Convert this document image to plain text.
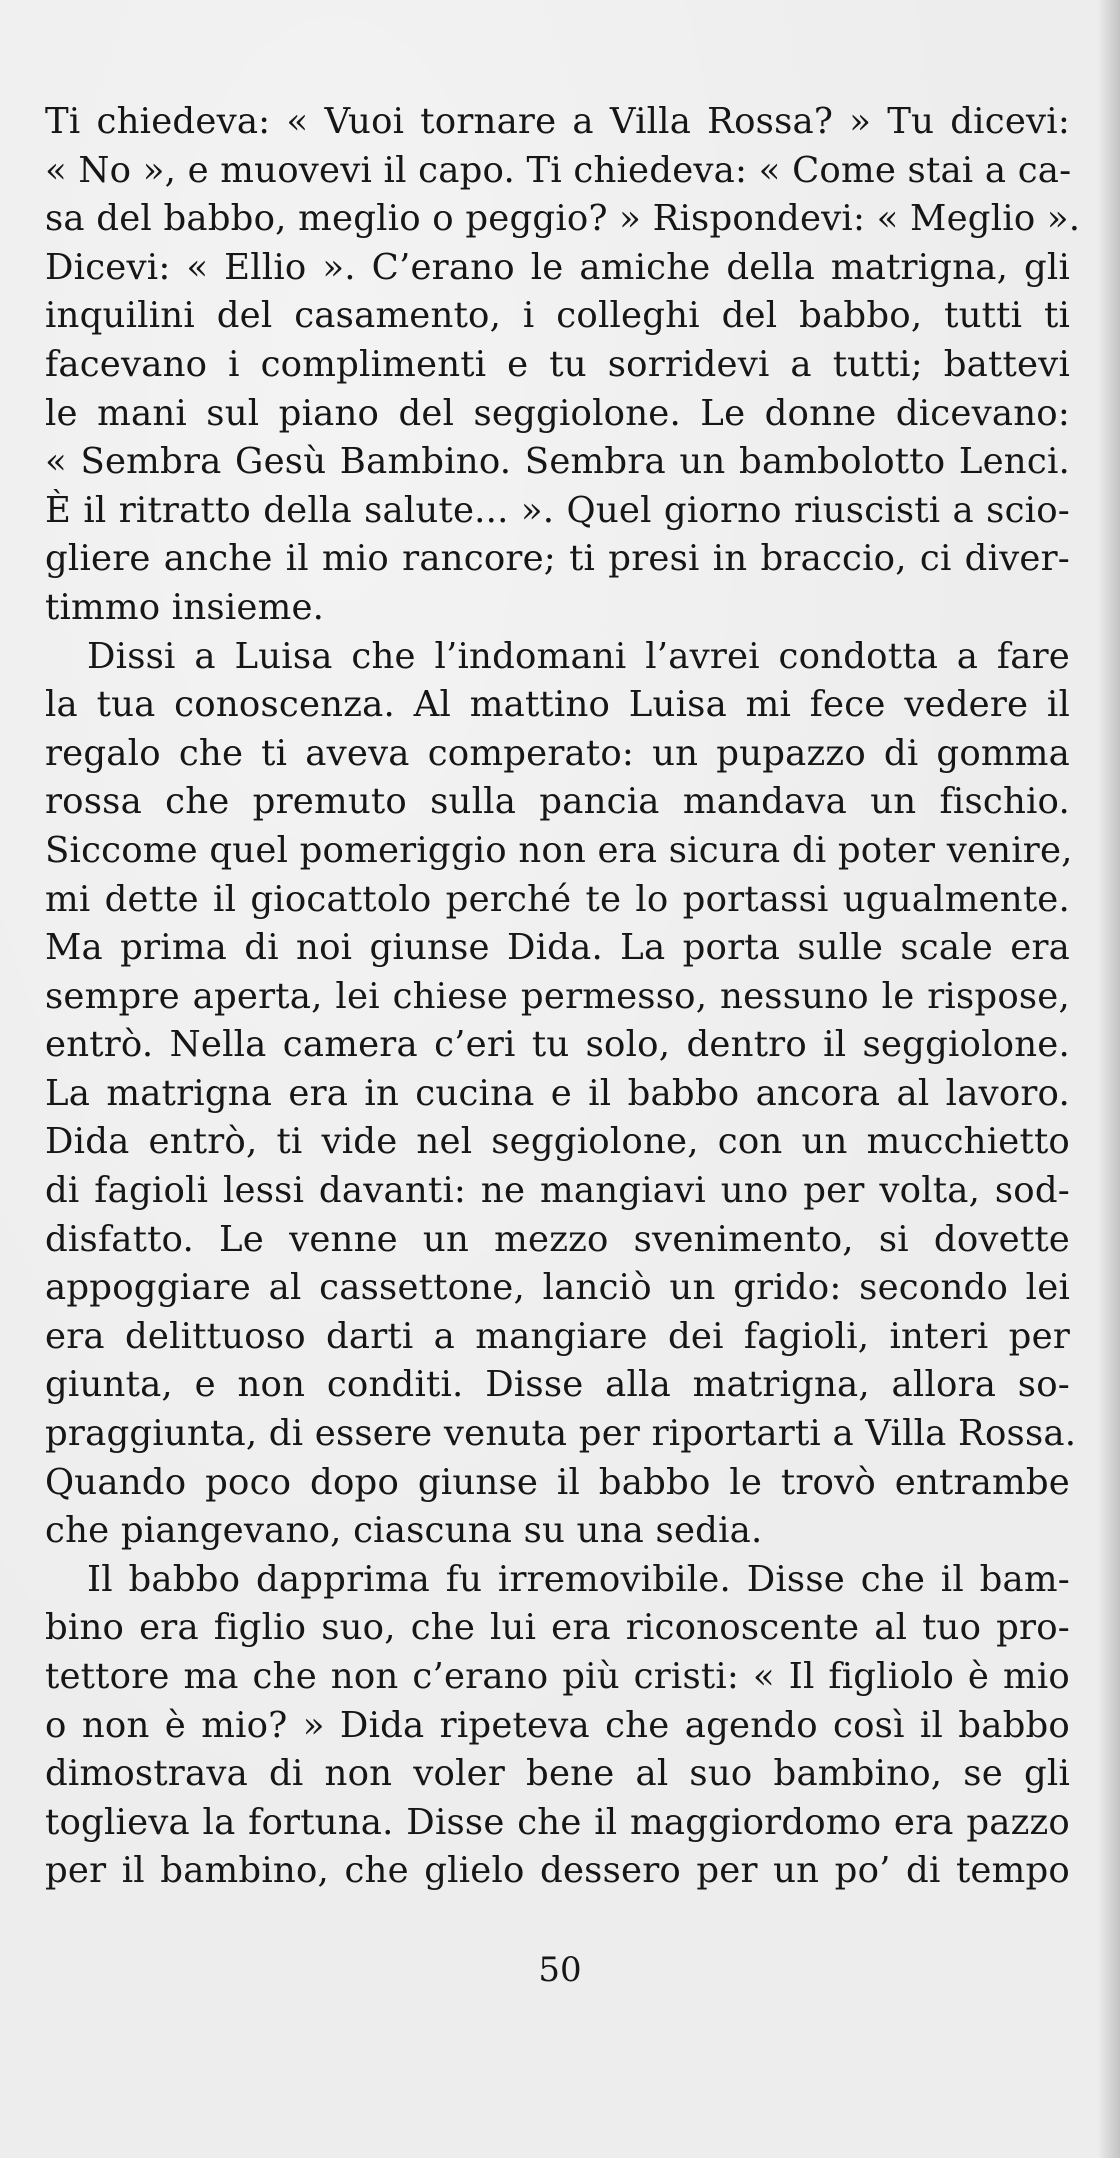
Ti chiedeva: « Vuoi tornare a Villa Rossa? » Tu dicevi:
« No », e muovevi il capo. Ti chiedeva: « Come stai a ca-
sa del babbo, meglio o peggio? » Rispondevi: « Meglio ».
Dicevi: « Ellio ». C’erano le amiche della matrigna, gli
inquilini del casamento, i colleghi del babbo, tutti ti
facevano i complimenti e tu sorridevi a tutti; battevi
le mani sul piano del seggiolone. Le donne dicevano:
« Sembra Gesù Bambino. Sembra un bambolotto Lenci.
È il ritratto della salute... ». Quel giorno riuscisti a scio-
gliere anche il mio rancore; ti presi in braccio, ci diver-
timmo insieme.
Dissi a Luisa che l’indomani l’avrei condotta a fare
la tua conoscenza. Al mattino Luisa mi fece vedere il
regalo che ti aveva comperato: un pupazzo di gomma
rossa che premuto sulla pancia mandava un fischio.
Siccome quel pomeriggio non era sicura di poter venire,
mi dette il giocattolo perché te lo portassi ugualmente.
Ma prima di noi giunse Dida. La porta sulle scale era
sempre aperta, lei chiese permesso, nessuno le rispose,
entrò. Nella camera c’eri tu solo, dentro il seggiolone.
La matrigna era in cucina e il babbo ancora al lavoro.
Dida entrò, ti vide nel seggiolone, con un mucchietto
di fagioli lessi davanti: ne mangiavi uno per volta, sod-
disfatto. Le venne un mezzo svenimento, si dovette
appoggiare al cassettone, lanciò un grido: secondo lei
era delittuoso darti a mangiare dei fagioli, interi per
giunta, e non conditi. Disse alla matrigna, allora so-
praggiunta, di essere venuta per riportarti a Villa Rossa.
Quando poco dopo giunse il babbo le trovò entrambe
che piangevano, ciascuna su una sedia.
Il babbo dapprima fu irremovibile. Disse che il bam-
bino era figlio suo, che lui era riconoscente al tuo pro-
tettore ma che non c’erano più cristi: « Il figliolo è mio
o non è mio? » Dida ripeteva che agendo così il babbo
dimostrava di non voler bene al suo bambino, se gli
toglieva la fortuna. Disse che il maggiordomo era pazzo
per il bambino, che glielo dessero per un po’ di tempo
50
